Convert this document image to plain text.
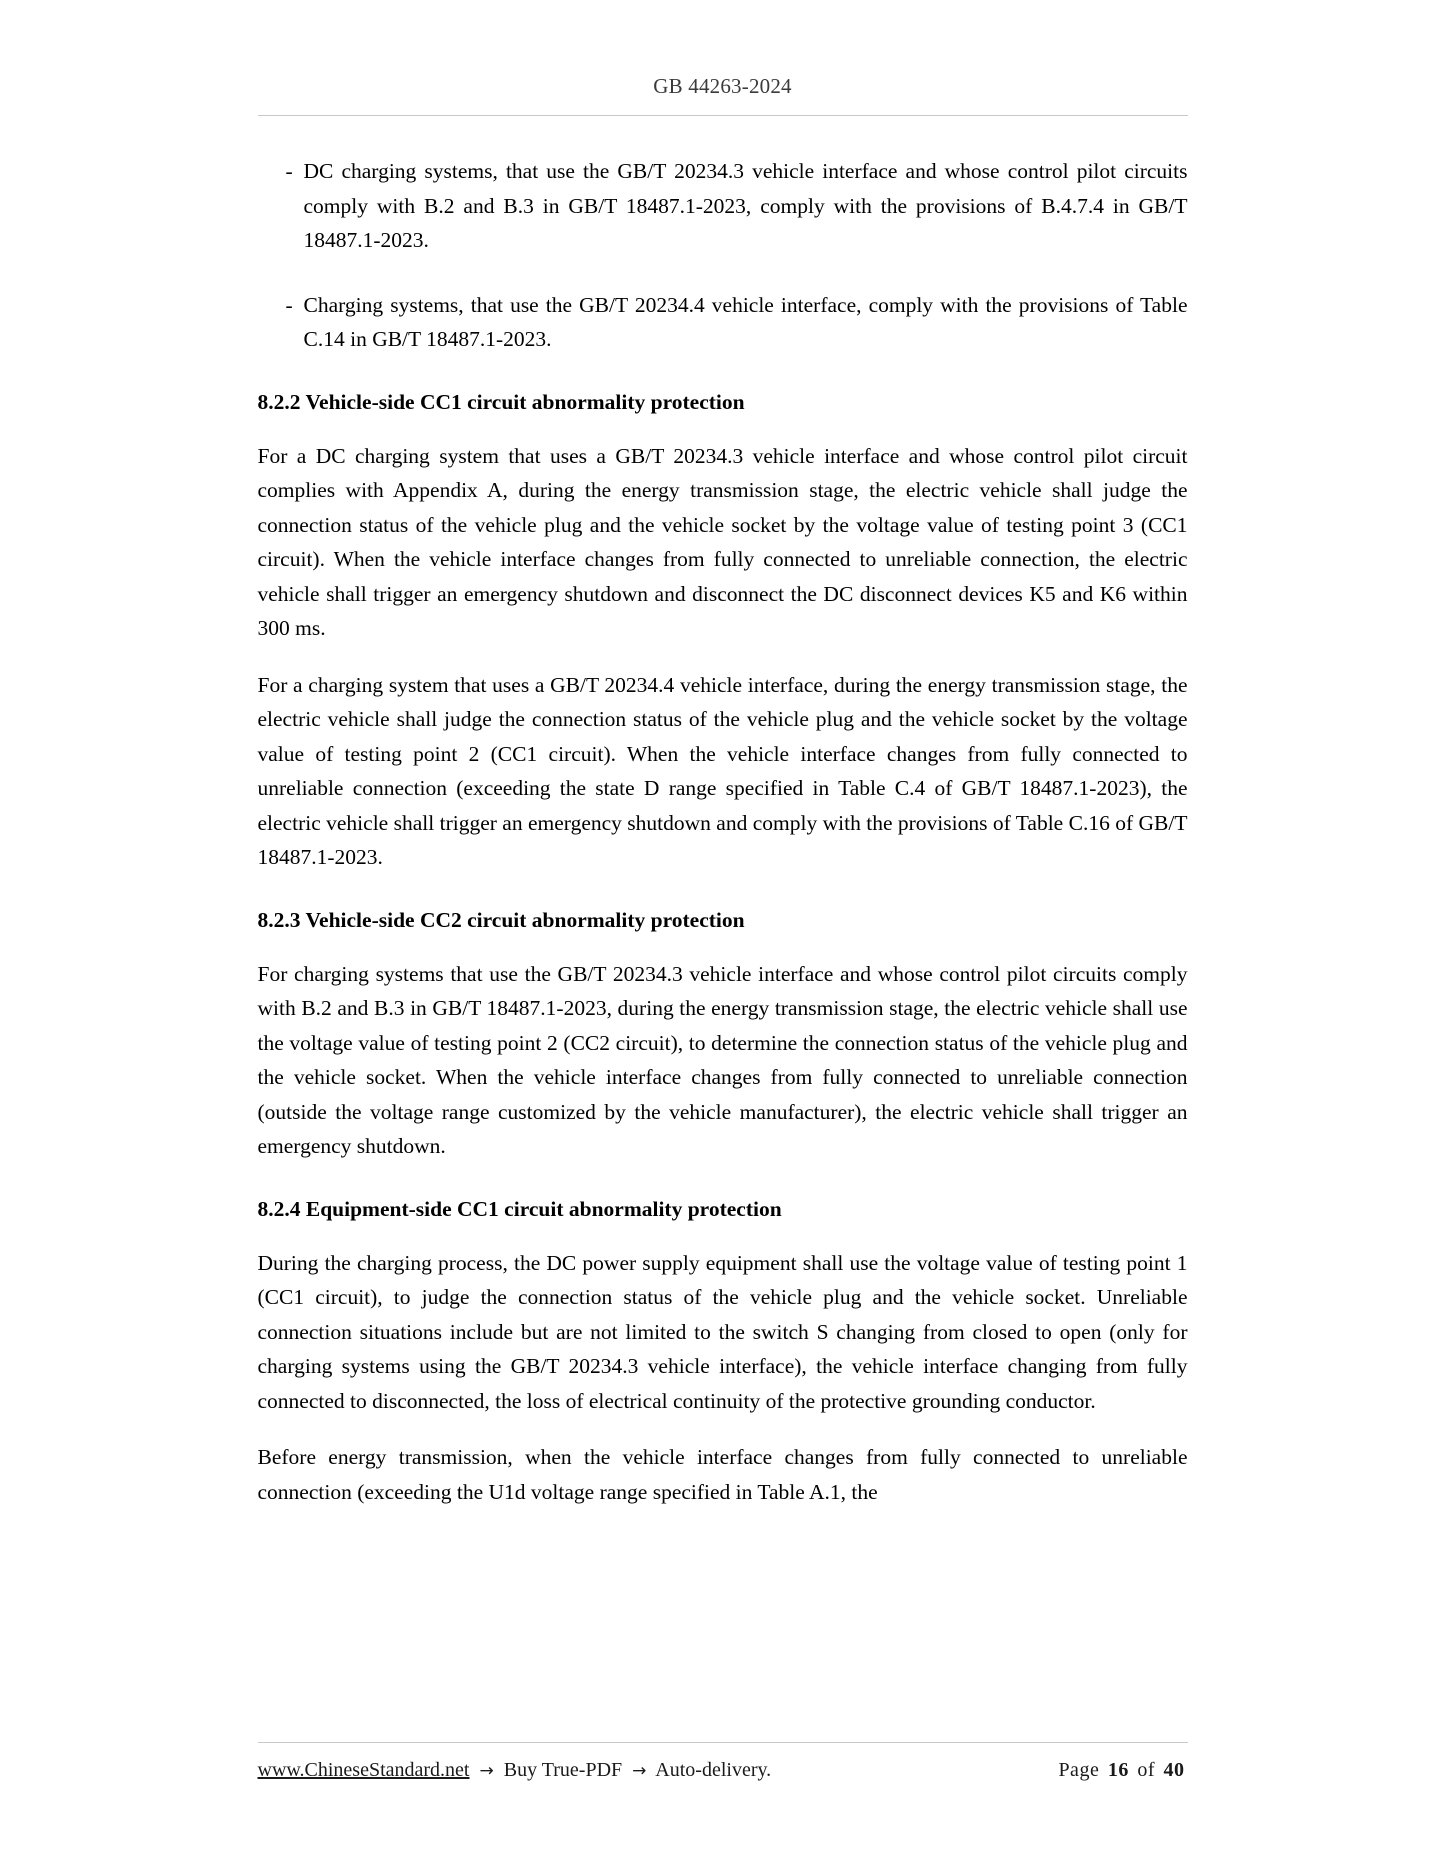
GB 44263-2024
- DC charging systems, that use the GB/T 20234.3 vehicle interface and whose control pilot circuits comply with B.2 and B.3 in GB/T 18487.1-2023, comply with the provisions of B.4.7.4 in GB/T 18487.1-2023.
- Charging systems, that use the GB/T 20234.4 vehicle interface, comply with the provisions of Table C.14 in GB/T 18487.1-2023.
8.2.2 Vehicle-side CC1 circuit abnormality protection

For a DC charging system that uses a GB/T 20234.3 vehicle interface and whose control pilot circuit complies with Appendix A, during the energy transmission stage, the electric vehicle shall judge the connection status of the vehicle plug and the vehicle socket by the voltage value of testing point 3 (CC1 circuit). When the vehicle interface changes from fully connected to unreliable connection, the electric vehicle shall trigger an emergency shutdown and disconnect the DC disconnect devices K5 and K6 within 300 ms.

For a charging system that uses a GB/T 20234.4 vehicle interface, during the energy transmission stage, the electric vehicle shall judge the connection status of the vehicle plug and the vehicle socket by the voltage value of testing point 2 (CC1 circuit). When the vehicle interface changes from fully connected to unreliable connection (exceeding the state D range specified in Table C.4 of GB/T 18487.1-2023), the electric vehicle shall trigger an emergency shutdown and comply with the provisions of Table C.16 of GB/T 18487.1-2023.

8.2.3 Vehicle-side CC2 circuit abnormality protection

For charging systems that use the GB/T 20234.3 vehicle interface and whose control pilot circuits comply with B.2 and B.3 in GB/T 18487.1-2023, during the energy transmission stage, the electric vehicle shall use the voltage value of testing point 2 (CC2 circuit), to determine the connection status of the vehicle plug and the vehicle socket. When the vehicle interface changes from fully connected to unreliable connection (outside the voltage range customized by the vehicle manufacturer), the electric vehicle shall trigger an emergency shutdown.

8.2.4 Equipment-side CC1 circuit abnormality protection

During the charging process, the DC power supply equipment shall use the voltage value of testing point 1 (CC1 circuit), to judge the connection status of the vehicle plug and the vehicle socket. Unreliable connection situations include but are not limited to the switch S changing from closed to open (only for charging systems using the GB/T 20234.3 vehicle interface), the vehicle interface changing from fully connected to disconnected, the loss of electrical continuity of the protective grounding conductor.

Before energy transmission, when the vehicle interface changes from fully connected to unreliable connection (exceeding the U1d voltage range specified in Table A.1, the

www.ChineseStandard.net → Buy True-PDF → Auto-delivery.	Page 16 of 40
